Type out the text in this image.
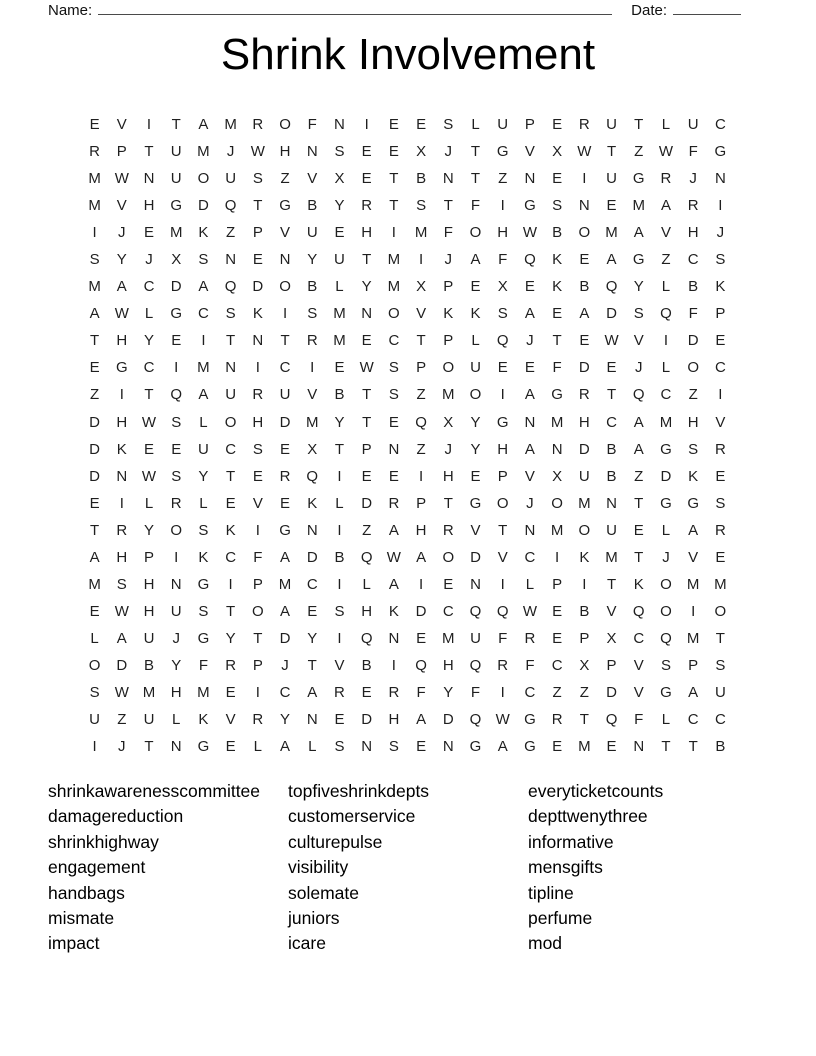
Name:	Date:
Shrink Involvement
E	V	I	T	A	M	R	O	F	N	I	E	E	S	L	U	P	E	R	U	T	L	U	C
R	P	T	U	M	J	W H	N	S	E	E	X	J	T	G	V	X	W	T	Z	W	F	G
M W N	U	O	U	S	Z	V	X	E	T	B	N	T	Z	N	E	I	U	G	R	J	N
M	V	H	G	D	Q	T	G	B	Y	R	T	S	T	F	I	G	S	N	E	M	A	R	I
I	J	E	M	K	Z	P	V	U	E	H	I	M	F	O	H W	B	O	M	A	V	H	J
S	Y	J	X	S	N	E	N	Y	U	T	M	I	J	A	F	Q	K	E	A	G	Z	C	S
M	A	C	D	A	Q	D	O	B	L	Y	M	X	P	E	X	E	K	B	Q	Y	L	B	K
A	W	L	G	C	S	K	I	S	M	N	O	V	K	K	S	A	E	A	D	S	Q	F	P
T	H	Y	E	I	T	N	T	R	M	E	C	T	P	L	Q	J	T	E	W	V	I	D	E
E	G	C	I	M	N	I	C	I	E	W	S	P	O	U	E	E	F	D	E	J	L	O	C
Z	I	T	Q	A	U	R	U	V	B	T	S	Z	M	O	I	A	G	R	T	Q	C	Z	I
D	H W	S	L	O	H	D	M	Y	T	E	Q	X	Y	G	N	M	H	C	A	M	H	V
D	K	E	E	U	C	S	E	X	T	P	N	Z	J	Y	H	A	N	D	B	A	G	S	R
D	N W	S	Y	T	E	R	Q	I	E	E	I	H	E	P	V	X	U	B	Z	D	K	E
E	I	L	R	L	E	V	E	K	L	D	R	P	T	G	O	J	O	M	N	T	G	G	S
T	R	Y	O	S	K	I	G	N	I	Z	A	H	R	V	T	N	M	O	U	E	L	A	R
A	H	P	I	K	C	F	A	D	B	Q W	A	O	D	V	C	I	K	M	T	J	V	E
M	S	H	N	G	I	P	M	C	I	L	A	I	E	N	I	L	P	I	T	K	O	M M
E	W H	U	S	T	O	A	E	S	H	K	D	C	Q	Q W	E	B	V	Q	O	I	O
L	A	U	J	G	Y	T	D	Y	I	Q	N	E	M	U	F	R	E	P	X	C	Q	M	T
O	D	B	Y	F	R	P	J	T	V	B	I	Q	H	Q	R	F	C	X	P	V	S	P	S
S	W M	H	M	E	I	C	A	R	E	R	F	Y	F	I	C	Z	Z	D	V	G	A	U
U	Z	U	L	K	V	R	Y	N	E	D	H	A	D	Q W G	R	T	Q	F	L	C	C
I	J	T	N	G	E	L	A	L	S	N	S	E	N	G	A	G	E	M	E	N	T	T	B
shrinkawarenesscommittee
damagereduction
shrinkhighway
engagement
handbags
mismate
impact
topfiveshrinkdepts
customerservice
culturepulse
visibility
solemate
juniors
icare
everyticketcounts
depttwenythree
informative
mensgifts
tipline
perfume
mod
